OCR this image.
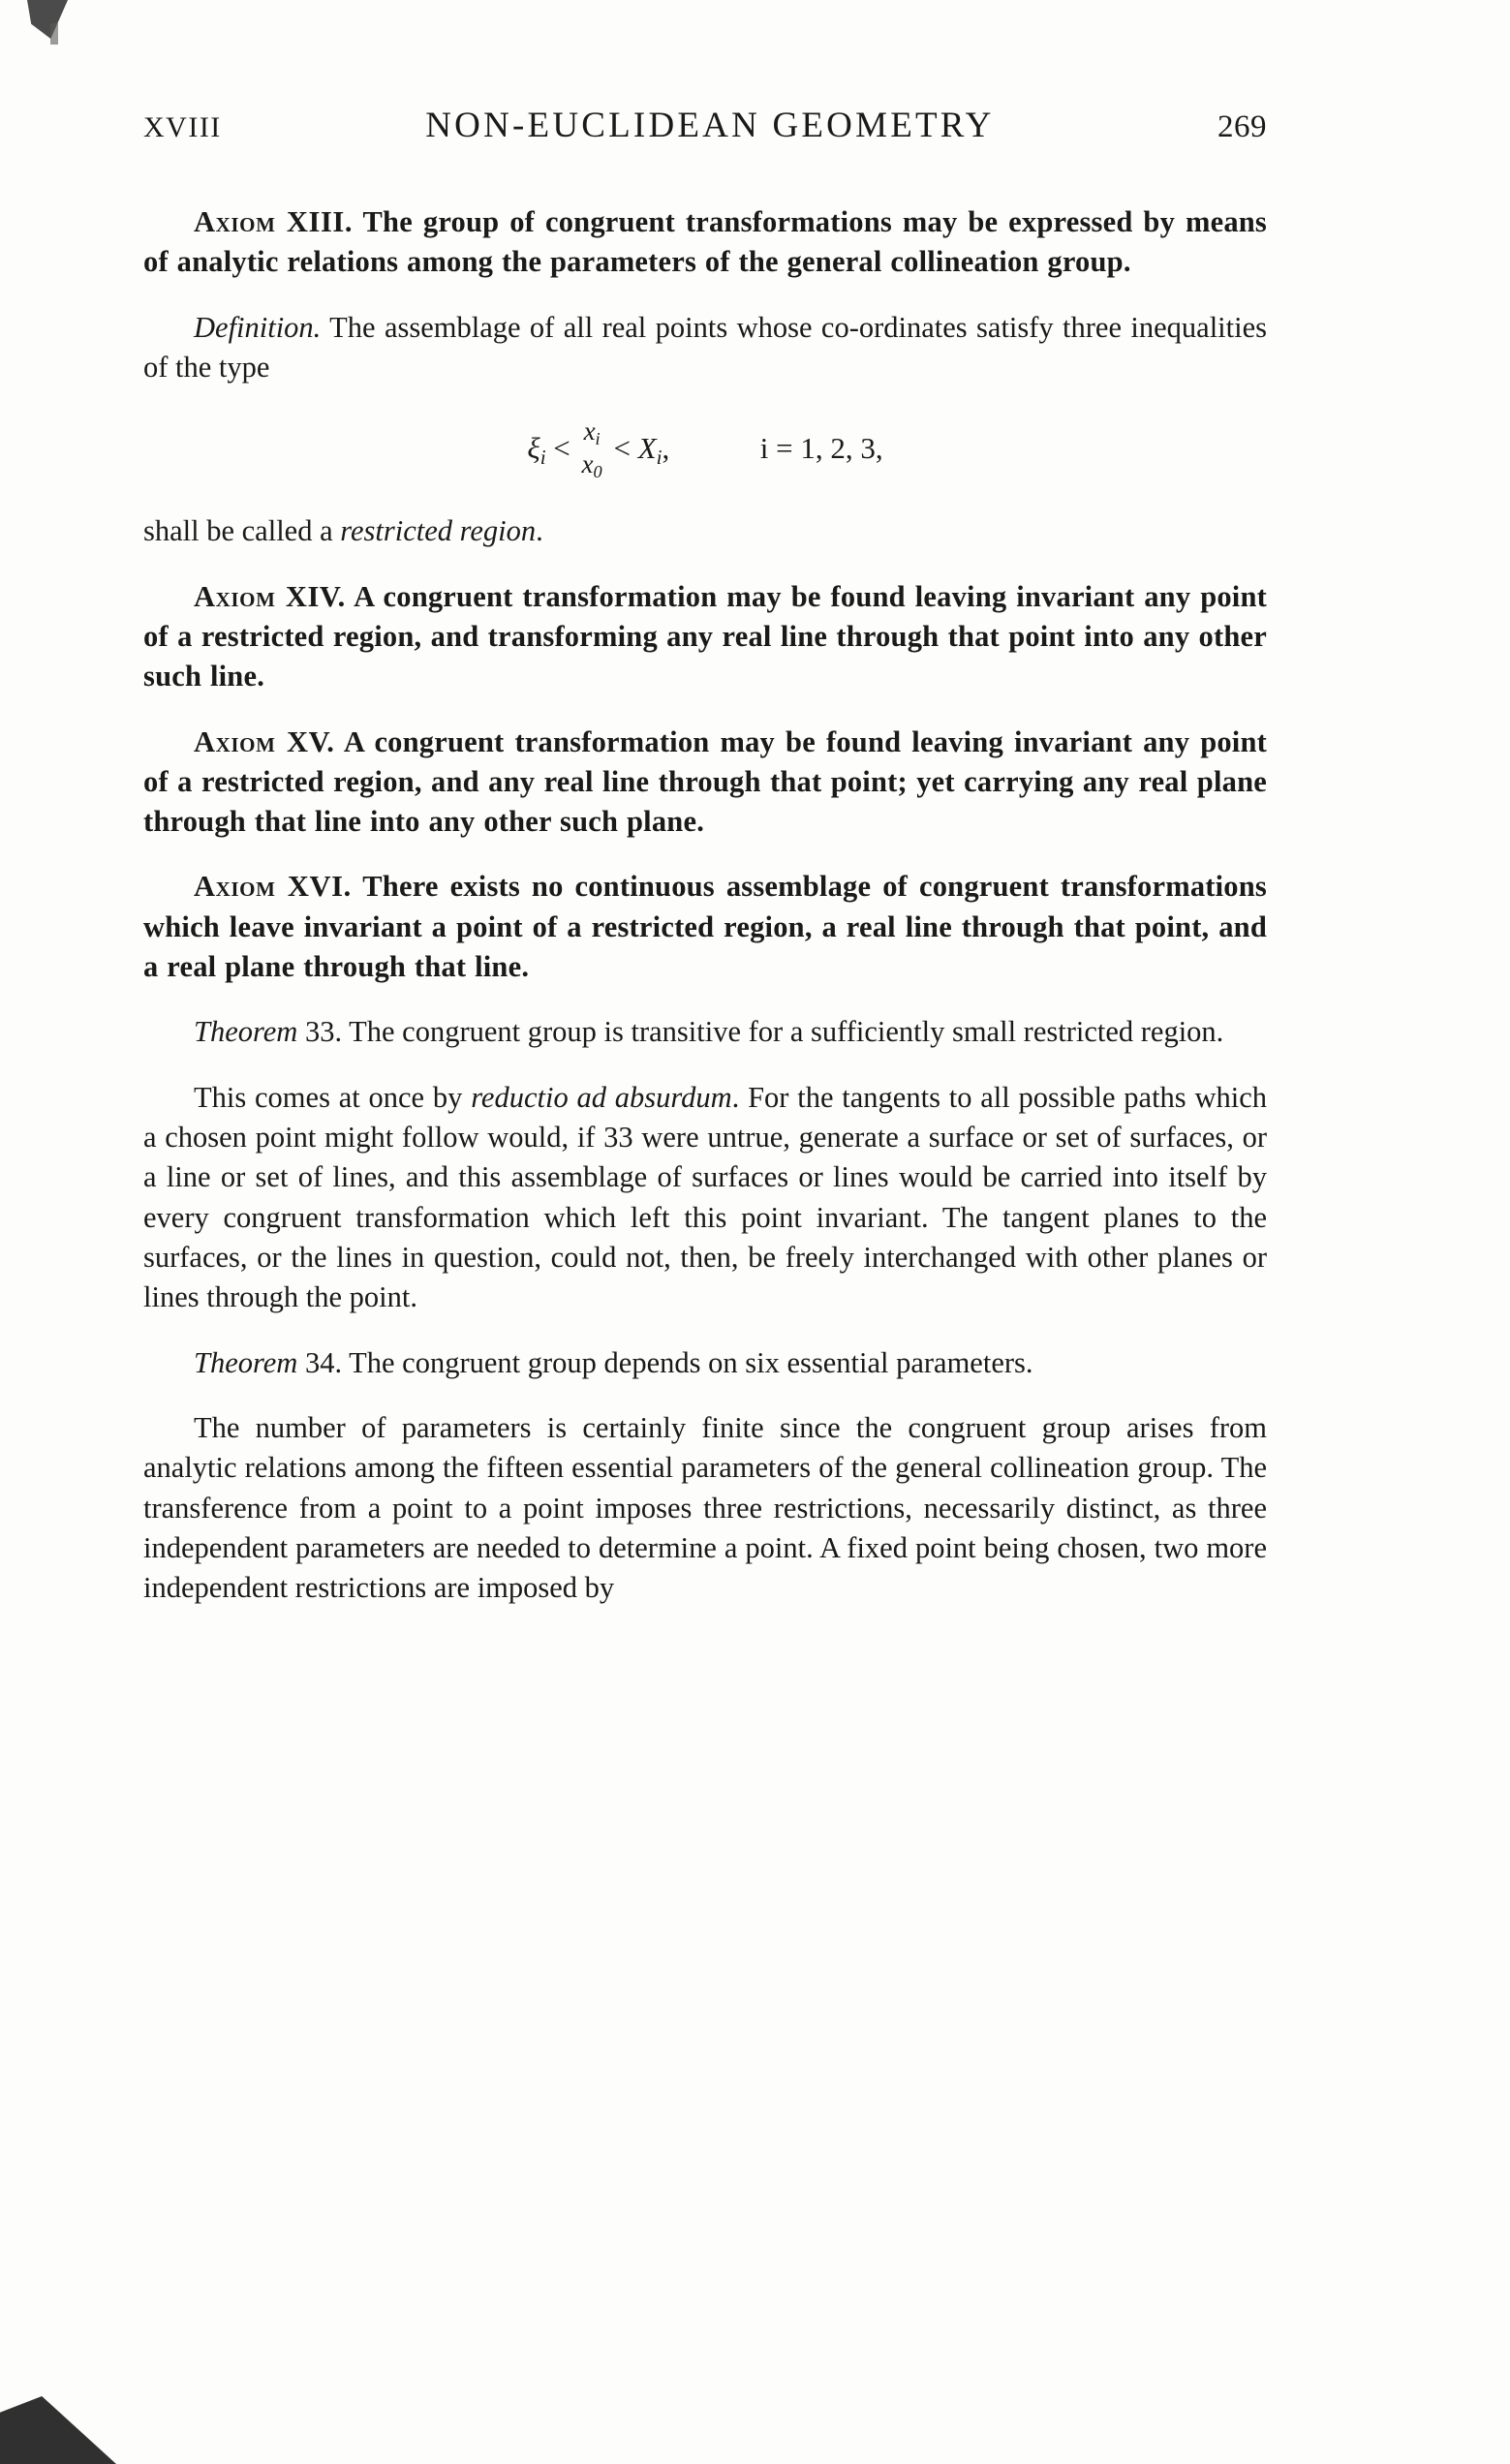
XVIII	NON-EUCLIDEAN GEOMETRY	269

Axiom XIII. The group of congruent transformations may be expressed by means of analytic relations among the parameters of the general collineation group.

Definition. The assemblage of all real points whose co-ordinates satisfy three inequalities of the type

$\xi_i$ <
$x_i$
$x_0$
< $X_i$,	i = 1, 2, 3,

shall be called a restricted region.

Axiom XIV. A congruent transformation may be found leaving invariant any point of a restricted region, and transforming any real line through that point into any other such line.

Axiom XV. A congruent transformation may be found leaving invariant any point of a restricted region, and any real line through that point; yet carrying any real plane through that line into any other such plane.

Axiom XVI. There exists no continuous assemblage of congruent transformations which leave invariant a point of a restricted region, a real line through that point, and a real plane through that line.

Theorem 33. The congruent group is transitive for a sufficiently small restricted region.

This comes at once by reductio ad absurdum. For the tangents to all possible paths which a chosen point might follow would, if 33 were untrue, generate a surface or set of surfaces, or a line or set of lines, and this assemblage of surfaces or lines would be carried into itself by every congruent transformation which left this point invariant. The tangent planes to the surfaces, or the lines in question, could not, then, be freely interchanged with other planes or lines through the point.

Theorem 34. The congruent group depends on six essential parameters.

The number of parameters is certainly finite since the congruent group arises from analytic relations among the fifteen essential parameters of the general collineation group. The transference from a point to a point imposes three restrictions, necessarily distinct, as three independent parameters are needed to determine a point. A fixed point being chosen, two more independent restrictions are imposed by
